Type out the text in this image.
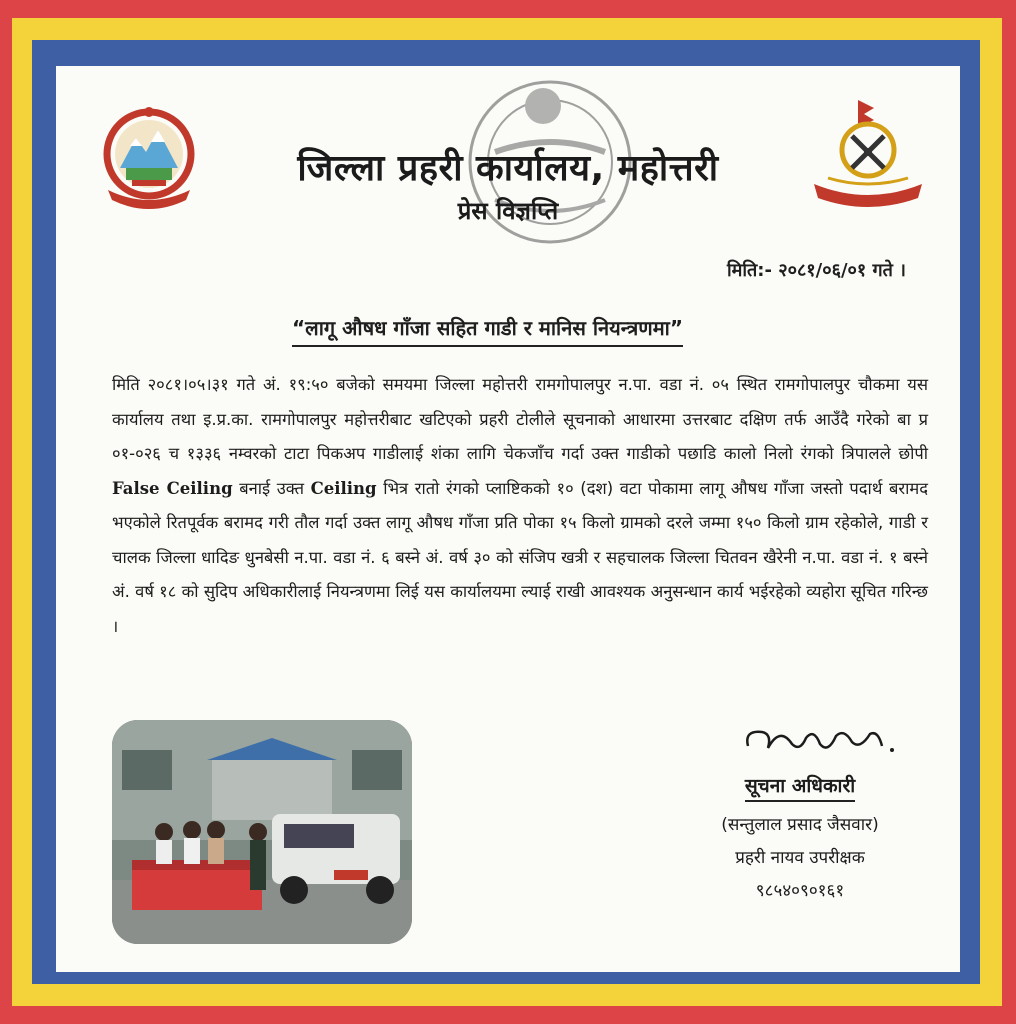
जिल्ला प्रहरी कार्यालय, महोत्तरी
प्रेस विज्ञप्ति
मिति:- २०८१/०६/०१ गते ।
“लागू औषध गाँजा सहित गाडी र मानिस नियन्त्रणमा”

मिति २०८१।०५।३१ गते अं. १९:५० बजेको समयमा जिल्ला महोत्तरी रामगोपालपुर न.पा. वडा नं. ०५ स्थित रामगोपालपुर चौकमा यस कार्यालय तथा इ.प्र.का. रामगोपालपुर महोत्तरीबाट खटिएको प्रहरी टोलीले सूचनाको आधारमा उत्तरबाट दक्षिण तर्फ आउँदै गरेको बा प्र ०१-०२६ च १३३६ नम्वरको टाटा पिकअप गाडीलाई शंका लागि चेकजाँच गर्दा उक्त गाडीको पछाडि कालो निलो रंगको त्रिपालले छोपी False Ceiling बनाई उक्त Ceiling भित्र रातो रंगको प्लाष्टिकको १० (दश) वटा पोकामा लागू औषध गाँजा जस्तो पदार्थ बरामद भएकोले रितपूर्वक बरामद गरी तौल गर्दा उक्त लागू औषध गाँजा प्रति पोका १५ किलो ग्रामको दरले जम्मा १५० किलो ग्राम रहेकोले, गाडी र चालक जिल्ला धादिङ धुनबेसी न.पा. वडा नं. ६ बस्ने अं. वर्ष ३० को संजिप खत्री र सहचालक जिल्ला चितवन खैरेनी न.पा. वडा नं. १ बस्ने अं. वर्ष १८ को सुदिप अधिकारीलाई नियन्त्रणमा लिई यस कार्यालयमा ल्याई राखी आवश्यक अनुसन्धान कार्य भईरहेको व्यहोरा सूचित गरिन्छ ।

सूचना अधिकारी
(सन्तुलाल प्रसाद जैसवार)
प्रहरी नायव उपरीक्षक
९८५४०९०१६१
